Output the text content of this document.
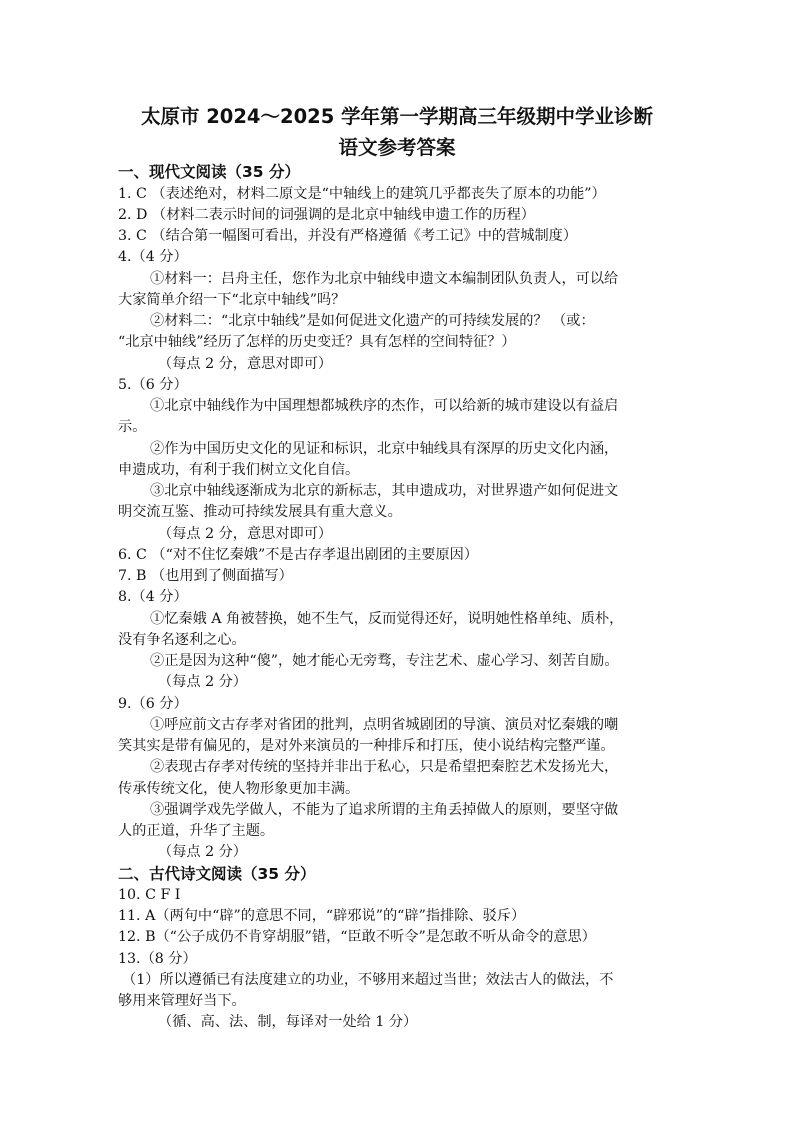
太原市 2024～2025 学年第一学期高三年级期中学业诊断
语文参考答案
一、现代文阅读（35 分）
1. C （表述绝对，材料二原文是“中轴线上的建筑几乎都丧失了原本的功能”）
2. D （材料二表示时间的词强调的是北京中轴线申遗工作的历程）
3. C （结合第一幅图可看出，并没有严格遵循《考工记》中的营城制度）
4.（4 分）
①材料一：吕舟主任，您作为北京中轴线申遗文本编制团队负责人，可以给
大家简单介绍一下“北京中轴线”吗？
②材料二：“北京中轴线”是如何促进文化遗产的可持续发展的？ （或：
“北京中轴线”经历了怎样的历史变迁？具有怎样的空间特征？）
（每点 2 分，意思对即可）
5.（6 分）
①北京中轴线作为中国理想都城秩序的杰作，可以给新的城市建设以有益启
示。
②作为中国历史文化的见证和标识，北京中轴线具有深厚的历史文化内涵，
申遗成功，有利于我们树立文化自信。
③北京中轴线逐渐成为北京的新标志，其申遗成功，对世界遗产如何促进文
明交流互鉴、推动可持续发展具有重大意义。
（每点 2 分，意思对即可）
6. C （“对不住忆秦娥”不是古存孝退出剧团的主要原因）
7. B （也用到了侧面描写）
8.（4 分）
①忆秦娥 A 角被替换，她不生气，反而觉得还好，说明她性格单纯、质朴，
没有争名逐利之心。
②正是因为这种“傻”，她才能心无旁骛，专注艺术、虚心学习、刻苦自励。
（每点 2 分）
9.（6 分）
①呼应前文古存孝对省团的批判，点明省城剧团的导演、演员对忆秦娥的嘲
笑其实是带有偏见的，是对外来演员的一种排斥和打压，使小说结构完整严谨。
②表现古存孝对传统的坚持并非出于私心，只是希望把秦腔艺术发扬光大，
传承传统文化，使人物形象更加丰满。
③强调学戏先学做人，不能为了追求所谓的主角丢掉做人的原则，要坚守做
人的正道，升华了主题。
（每点 2 分）
二、古代诗文阅读（35 分）
10. C F I
11. A（两句中“辟”的意思不同，“辟邪说”的“辟”指排除、驳斥）
12. B（“公子成仍不肯穿胡服”错，“臣敢不听令”是怎敢不听从命令的意思）
13.（8 分）
（1）所以遵循已有法度建立的功业，不够用来超过当世；效法古人的做法，不
够用来管理好当下。
（循、高、法、制，每译对一处给 1 分）
